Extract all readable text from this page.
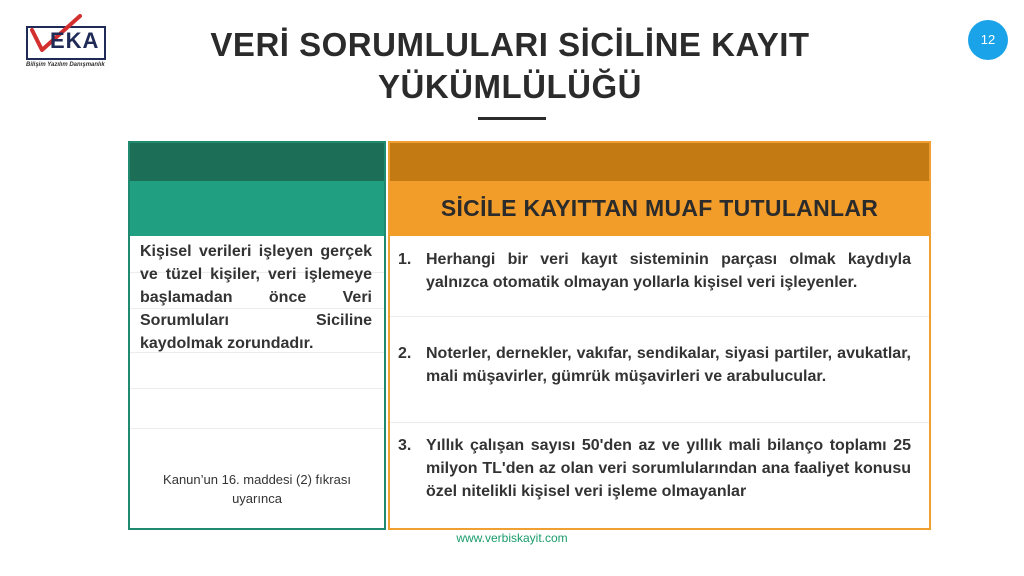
EKA
Bilişim Yazılım Danışmanlık
VERİ SORUMLULARI SİCİLİNE KAYIT
YÜKÜMLÜLÜĞÜ
12
Kişisel verileri işleyen gerçek ve tüzel kişiler, veri işlemeye başlamadan önce Veri Sorumluları Siciline kaydolmak zorundadır.
Kanun’un 16. maddesi (2) fıkrası uyarınca
SİCİLE KAYITTAN MUAF TUTULANLAR
1. Herhangi bir veri kayıt sisteminin parçası olmak kaydıyla yalnızca otomatik olmayan yollarla kişisel veri işleyenler.
2. Noterler, dernekler, vakıfar, sendikalar, siyasi partiler, avukatlar, mali müşavirler, gümrük müşavirleri ve arabulucular.
3. Yıllık çalışan sayısı 50'den az ve yıllık mali bilanço toplamı 25 milyon TL'den az olan veri sorumlularından ana faaliyet konusu özel nitelikli kişisel veri işleme olmayanlar
www.verbiskayit.com
